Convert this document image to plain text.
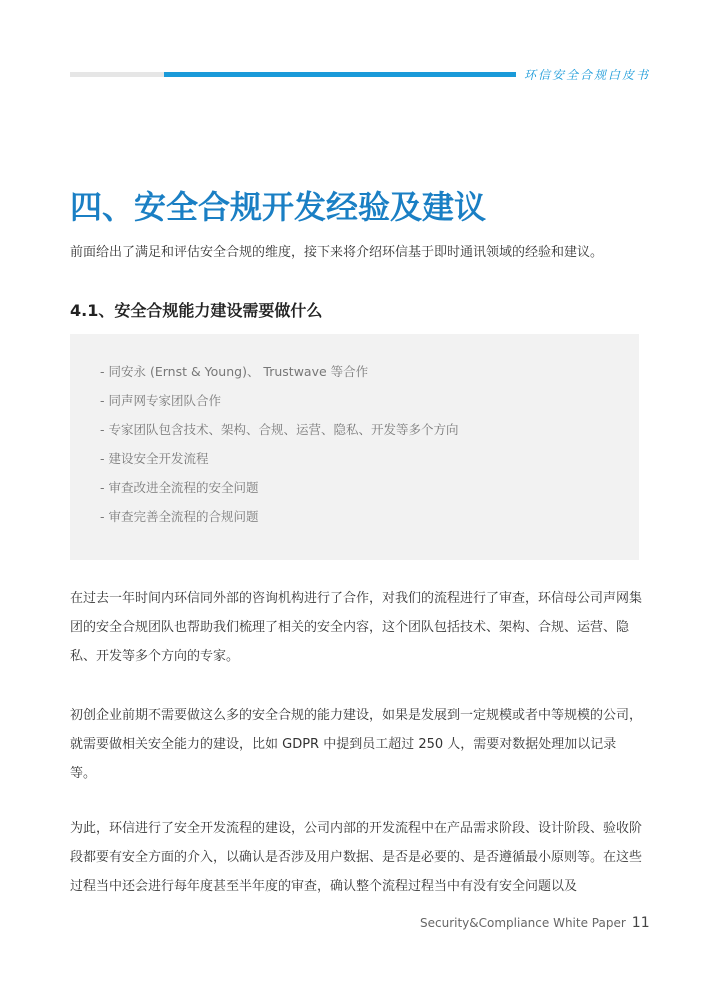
环信安全合规白皮书
四、安全合规开发经验及建议

前面给出了满足和评估安全合规的维度，接下来将介绍环信基于即时通讯领域的经验和建议。

4.1、安全合规能力建设需要做什么
- 同安永 (Ernst & Young)、 Trustwave 等合作
- 同声网专家团队合作
- 专家团队包含技术、架构、合规、运营、隐私、开发等多个方向
- 建设安全开发流程
- 审查改进全流程的安全问题
- 审查完善全流程的合规问题

在过去一年时间内环信同外部的咨询机构进行了合作，对我们的流程进行了审查，环信母公司声网集团的安全合规团队也帮助我们梳理了相关的安全内容，这个团队包括技术、架构、合规、运营、隐私、开发等多个方向的专家。

初创企业前期不需要做这么多的安全合规的能力建设，如果是发展到一定规模或者中等规模的公司，就需要做相关安全能力的建设，比如 GDPR 中提到员工超过 250 人，需要对数据处理加以记录等。

为此，环信进行了安全开发流程的建设，公司内部的开发流程中在产品需求阶段、设计阶段、验收阶段都要有安全方面的介入，以确认是否涉及用户数据、是否是必要的、是否遵循最小原则等。在这些过程当中还会进行每年度甚至半年度的审查，确认整个流程过程当中有没有安全问题以及

Security&Compliance White Paper 11
